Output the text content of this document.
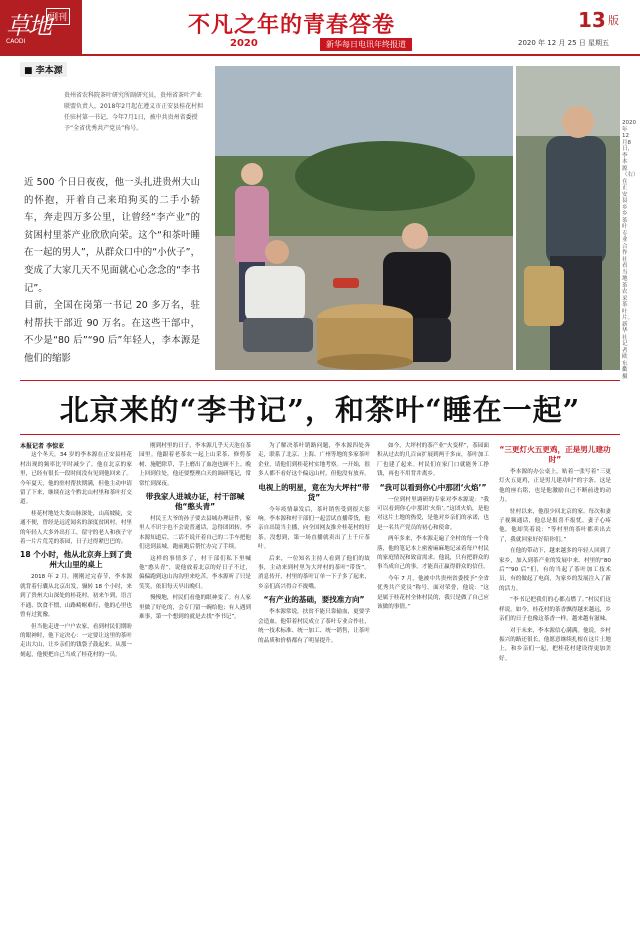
草地 副刊
CAODI
不凡之年的青春答卷
2020	新华每日电讯年终报道
13 版
2020 年 12 月 25 日 星期五
■ 李本源
贵州省农科院茶叶研究所副研究员，贵州省茶叶产业联盟负责人，2018年2月起在遵义市正安县桂花村担任驻村第一书记，今年7月1日，被中共贵州省委授予“全省优秀共产党员”称号。
近 500 个日日夜夜，他一头扎进贵州大山的怀抱，开着自己来珀狗买的二手小轿车，奔走四万多公里，让曾经“李产业”的贫困村里茶产业欣欣向荣。这个“和茶叶睡在一起的男人”，从群众口中的“小伙子”，变成了大家几天不见面就心心念念的“李书记”。
目前，全国在岗第一书记 20 多万名，驻村帮扶干部近 90 万名。在这些干部中，不少是“80 后”“90 后”年轻人，李本源是他们的缩影
2020年12月8日，李本源（右）在正安县乡乡茶叶专业合作社看当地茶农采茶叶片。新华社记者 欧东衢 摄
北京来的“李书记”，和茶叶“睡在一起”
本报记者 李惊亚

这个冬天，34 岁的李本源在正安县桂花村出现的频率比平时减少了。他在北京的家里，已经有很长一段时间没有见到他回来了。今年夏天，他的驻村帮扶期满，但他主动申请留了下来，继续在这个黔北山村里和茶叶打交道。

桂花村地处大娄山脉深处，山高坡陡，交通不便，曾经是远近闻名的深度贫困村。村里的年轻人大多外出打工，留守的老人和孩子守着一片片荒芜的茶园，日子过得紧巴巴的。

18 个小时，他从北京奔上到了贵州大山里的桌上

2018 年 2 月，刚刚过完春节，李本源就背着行囊从北京出发，辗转 18 个小时，来到了贵州大山深处的桂花村。初来乍到，语言不通、饮食不惯，山路崎岖难行，他的心里也曾有过犹豫。

但当他走进一户户农家，看到村民们期盼的眼神时，他下定决心：一定要让这里的茶叶走出大山，让乡亲们的钱袋子鼓起来。从那一刻起，他便把自己当成了桂花村的一员。

刚到村里的日子，李本源几乎天天泡在茶园里。他跟着老茶农一起上山采茶、修剪茶树、施肥除草，手上磨出了血泡也顾不上。晚上回到住处，他还要整理白天的调研笔记，常常忙到深夜。

带我家人进城办证，村干部喊他“憨头青”

村民王大爷的孙子要去县城办理证件，家里人不识字也不会说普通话，急得团团转。李本源知道后，二话不说开着自己的二手车把他们送到县城，跑前跑后帮忙办完了手续。

这样的事情多了，村干部们私下里喊他“憨头青”，说他放着北京的好日子不过，偏偏跑到这山沟沟里来吃苦。李本源听了只是笑笑，依旧每天早出晚归。

慢慢地，村民们看他的眼神变了。有人家里做了好吃的，会专门留一碗给他；有人遇到难事，第一个想到的就是去找“李书记”。

为了解决茶叶销路问题，李本源四处奔走，联系了北京、上海、广州等地的多家茶叶企业，请他们到桂花村实地考察。一开始，很多人都不看好这个偏远山村，但他没有放弃。

电视上的明星，竟在为大坪村“带货”

今年疫情暴发后，茶叶销售受到很大影响。李本源和村干部们一起尝试直播带货，他亲自出镜当主播，向全国网友推介桂花村的好茶。没想到，第一场直播就卖出了上千斤茶叶。

后来，一位知名主持人看到了他们的故事，主动来到村里为大坪村的茶叶“带货”。消息传开，村里的茶叶订单一下子多了起来，乡亲们高兴得合不拢嘴。

“有产业的基础，要找准方向”

李本源常说，扶贫不能只靠输血，更要学会造血。他带着村民成立了茶叶专业合作社，统一技术标准、统一加工、统一销售，让茶叶的品质和价格都有了明显提升。

如今，大坪村的茶产业“火变样”，茶园面积从过去的几百亩扩展到两千多亩，茶叶加工厂也建了起来。村民们在家门口就能务工挣钱，再也不用背井离乡。

“我可以看到你心中那团‘火焰’”

一位到村里调研的专家对李本源说：“我可以看到你心中那团‘火焰’。”这团火焰，是他对这片土地的热爱，是他对乡亲们的承诺，也是一名共产党员的初心和使命。

两年多来，李本源走遍了全村的每一个角落，他的笔记本上密密麻麻地记录着每户村民的家庭情况和致富需求。他说，只有把群众的事当成自己的事，才能真正赢得群众的信任。

今年 7 月，他被中共贵州省委授予“全省优秀共产党员”称号。面对荣誉，他说：“这是属于桂花村全体村民的，我只是做了自己应该做的事情。”

“三更灯火五更鸡，正是男儿建功时”

李本源的办公桌上，贴着一张写着“三更灯火五更鸡，正是男儿建功时”的字条。这是他的座右铭，也是他激励自己不断前进的动力。

驻村以来，他很少回北京的家。每次和妻子视频通话，他总是报喜不报忧。妻子心疼他，他却笑着说：“等村里的茶叶都卖出去了，我就回家好好陪你们。”

在他的带动下，越来越多的年轻人回到了家乡，加入到茶产业的发展中来。村里的“80 后”“90 后”们，有的当起了茶叶加工技术员，有的做起了电商，为家乡的发展注入了新的活力。

“李书记把我们的心都点燃了。”村民们这样说。如今，桂花村的茶香飘得越来越远，乡亲们的日子也像这茶香一样，越来越有滋味。

对于未来，李本源信心满满。他说，乡村振兴的路还很长，他愿意继续扎根在这片土地上，和乡亲们一起，把桂花村建设得更加美好。
